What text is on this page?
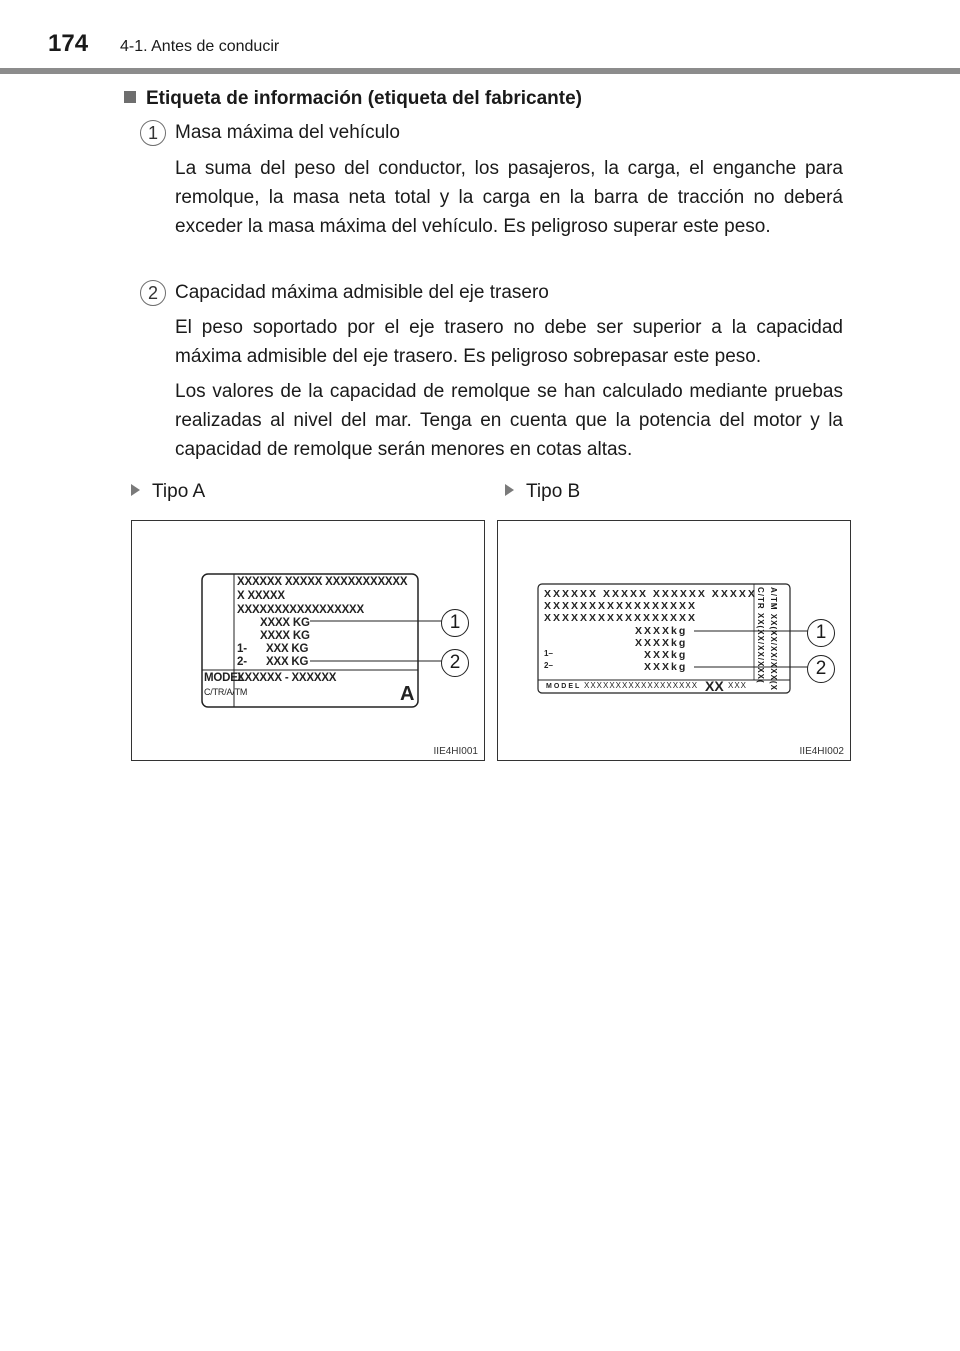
174 4-1. Antes de conducir
Etiqueta de información (etiqueta del fabricante)
1 Masa máxima del vehículo

La suma del peso del conductor, los pasajeros, la carga, el enganche para remolque, la masa neta total y la carga en la barra de tracción no deberá exceder la masa máxima del vehículo. Es peligroso superar este peso.

2 Capacidad máxima admisible del eje trasero

El peso soportado por el eje trasero no debe ser superior a la capacidad máxima admisible del eje trasero. Es peligroso sobrepasar este peso.

Los valores de la capacidad de remolque se han calculado mediante pruebas realizadas al nivel del mar. Tenga en cuenta que la potencia del motor y la capacidad de remolque serán menores en cotas altas.

Tipo A	Tipo B
XXXXXX XXXXX XXXXXXXXXXX
X XXXXX
XXXXXXXXXXXXXXXXX
XXXX KG
XXXX KG
1- XXX KG
2- XXX KG
MODEL
XXXXXX - XXXXXX
C/TR/A/TM	A
1
2
IIE4HI001
XXXXXX XXXXX XXXXXX XXXXX
XXXXXXXXXXXXXXXXX
XXXXXXXXXXXXXXXXX
XXXXkg
XXXXkg
1–	XXXkg
2–	XXXkg
MODEL XXXXXXXXXXXXXXXXXX XX XXX
C/TR XX(XX/XX/XXX( A/TM XX(XX/XX/XXX(X	1
2
IIE4HI002
